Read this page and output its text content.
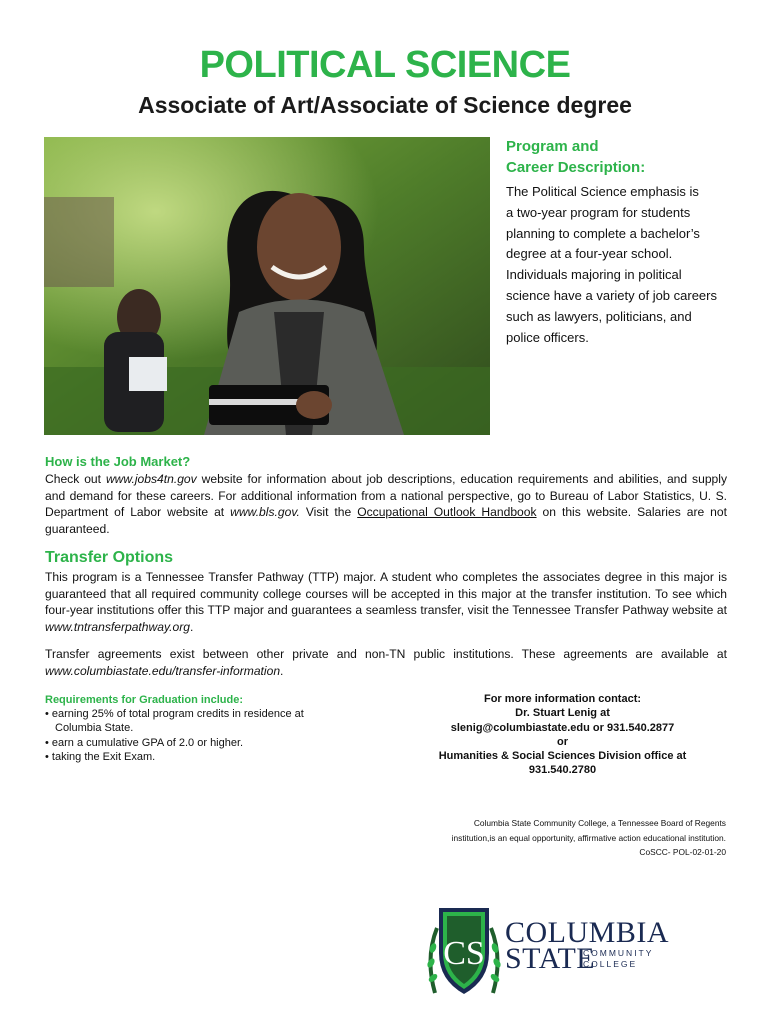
POLITICAL SCIENCE
Associate of Art/Associate of Science degree
Program and
Career Description:
The Political Science emphasis is
a two-year program for students
planning to complete a bachelor’s
degree at a four-year school.
Individuals majoring in political
science have a variety of job careers
such as lawyers, politicians, and
police officers.
How is the Job Market?
Check out www.jobs4tn.gov website for information about job descriptions, education requirements and abilities, and supply and demand for these careers. For additional information from a national perspective, go to Bureau of Labor Statistics, U. S. Department of Labor website at www.bls.gov. Visit the Occupational Outlook Handbook on this website. Salaries are not guaranteed.
Transfer Options
This program is a Tennessee Transfer Pathway (TTP) major. A student who completes the associates degree in this major is guaranteed that all required community college courses will be accepted in this major at the transfer institution. To see which four-year institutions offer this TTP major and guarantees a seamless transfer, visit the Tennessee Transfer Pathway website at www.tntransferpathway.org.
Transfer agreements exist between other private and non-TN public institutions. These agreements are available at www.columbiastate.edu/transfer-information.
Requirements for Graduation include:
• earning 25% of total program credits in residence at Columbia State.
• earn a cumulative GPA of 2.0 or higher.
• taking the Exit Exam.
For more information contact:
Dr. Stuart Lenig at
slenig@columbiastate.edu or 931.540.2877
or
Humanities & Social Sciences Division office at
931.540.2780
Columbia State Community College, a Tennessee Board of Regents
institution,is an equal opportunity, affirmative action educational institution.
CoSCC- POL-02-01-20
CS
COLUMBIA
STATE
COMMUNITY
COLLEGE
